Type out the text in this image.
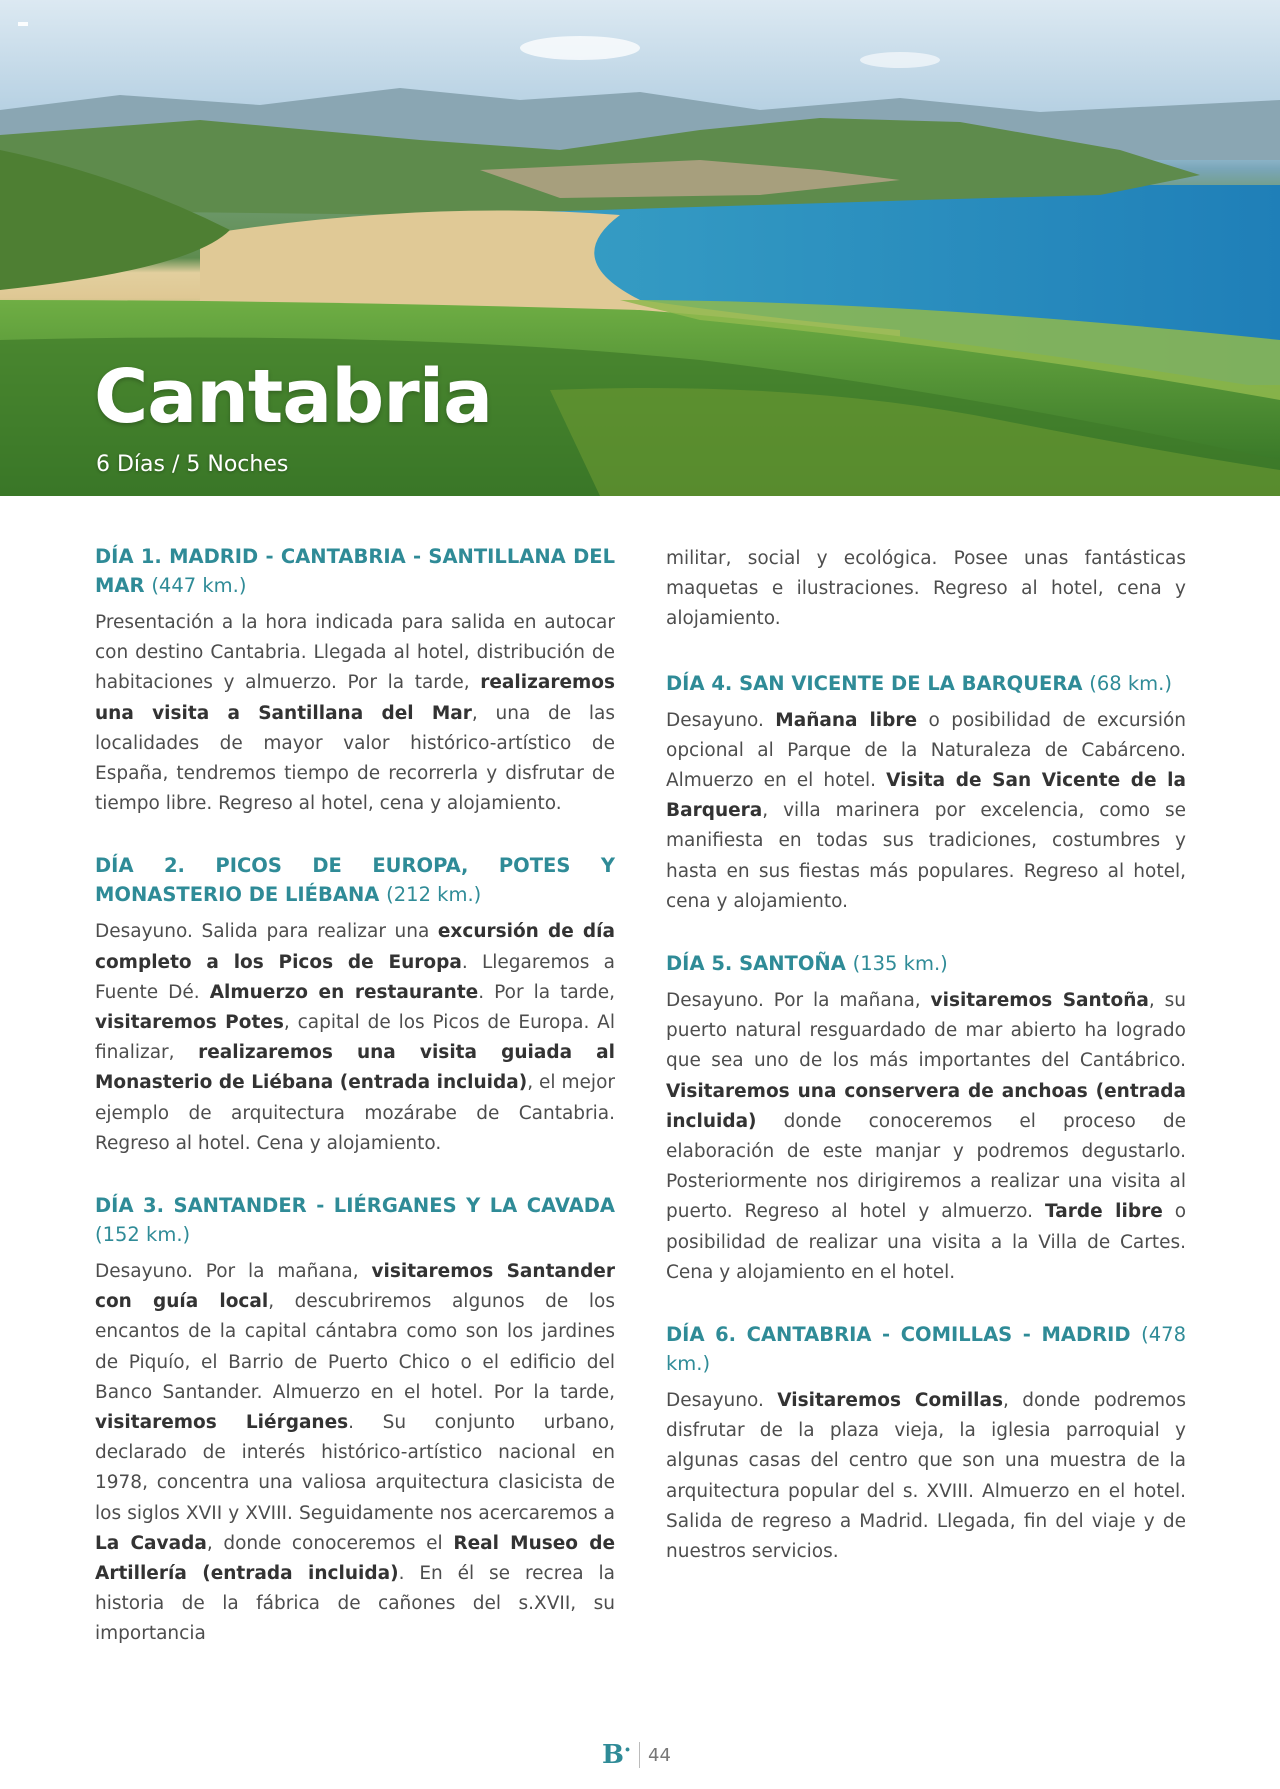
Cantabria
6 Días / 5 Noches
DÍA 1. MADRID - CANTABRIA - SANTILLANA DEL MAR (447 km.)

Presentación a la hora indicada para salida en autocar con destino Cantabria. Llegada al hotel, distribución de habitaciones y almuerzo. Por la tarde, realizaremos una visita a Santillana del Mar, una de las localidades de mayor valor histórico-artístico de España, tendremos tiempo de recorrerla y disfrutar de tiempo libre. Regreso al hotel, cena y alojamiento.

DÍA 2. PICOS DE EUROPA, POTES Y MONASTERIO DE LIÉBANA (212 km.)

Desayuno. Salida para realizar una excursión de día completo a los Picos de Europa. Llegaremos a Fuente Dé. Almuerzo en restaurante. Por la tarde, visitaremos Potes, capital de los Picos de Europa. Al finalizar, realizaremos una visita guiada al Monasterio de Liébana (entrada incluida), el mejor ejemplo de arquitectura mozárabe de Cantabria. Regreso al hotel. Cena y alojamiento.

DÍA 3. SANTANDER - LIÉRGANES Y LA CAVADA (152 km.)

Desayuno. Por la mañana, visitaremos Santander con guía local, descubriremos algunos de los encantos de la capital cántabra como son los jardines de Piquío, el Barrio de Puerto Chico o el edificio del Banco Santander. Almuerzo en el hotel. Por la tarde, visitaremos Liérganes. Su conjunto urbano, declarado de interés histórico-artístico nacional en 1978, concentra una valiosa arquitectura clasicista de los siglos XVII y XVIII. Seguidamente nos acercaremos a La Cavada, donde conoceremos el Real Museo de Artillería (entrada incluida). En él se recrea la historia de la fábrica de cañones del s.XVII, su importancia

militar, social y ecológica. Posee unas fantásticas maquetas e ilustraciones. Regreso al hotel, cena y alojamiento.

DÍA 4. SAN VICENTE DE LA BARQUERA (68 km.)

Desayuno. Mañana libre o posibilidad de excursión opcional al Parque de la Naturaleza de Cabárceno. Almuerzo en el hotel. Visita de San Vicente de la Barquera, villa marinera por excelencia, como se manifiesta en todas sus tradiciones, costumbres y hasta en sus fiestas más populares. Regreso al hotel, cena y alojamiento.

DÍA 5. SANTOÑA (135 km.)

Desayuno. Por la mañana, visitaremos Santoña, su puerto natural resguardado de mar abierto ha logrado que sea uno de los más importantes del Cantábrico. Visitaremos una conservera de anchoas (entrada incluida) donde conoceremos el proceso de elaboración de este manjar y podremos degustarlo. Posteriormente nos dirigiremos a realizar una visita al puerto. Regreso al hotel y almuerzo. Tarde libre o posibilidad de realizar una visita a la Villa de Cartes. Cena y alojamiento en el hotel.

DÍA 6. CANTABRIA - COMILLAS - MADRID (478 km.)

Desayuno. Visitaremos Comillas, donde podremos disfrutar de la plaza vieja, la iglesia parroquial y algunas casas del centro que son una muestra de la arquitectura popular del s. XVIII. Almuerzo en el hotel. Salida de regreso a Madrid. Llegada, fin del viaje y de nuestros servicios.

B• 44
